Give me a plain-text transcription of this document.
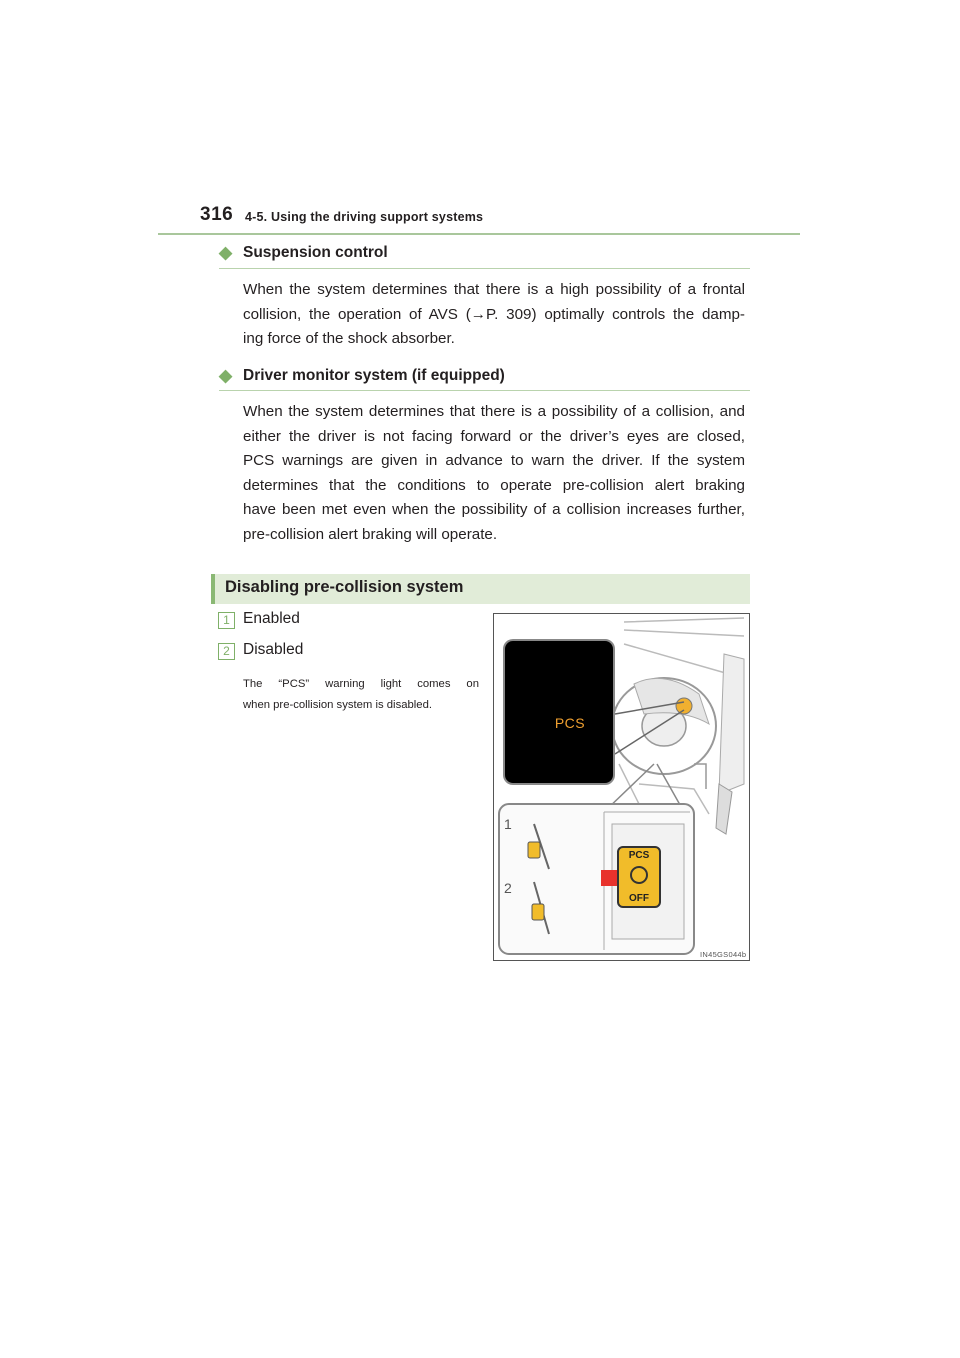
316 4-5. Using the driving support systems
◆ Suspension control
When the system determines that there is a high possibility of a frontal
collision, the operation of AVS (→P. 309) optimally controls the damp-
ing force of the shock absorber.
◆ Driver monitor system (if equipped)
When the system determines that there is a possibility of a collision, and
either the driver is not facing forward or the driver’s eyes are closed,
PCS warnings are given in advance to warn the driver. If the system
determines that the conditions to operate pre-collision alert braking
have been met even when the possibility of a collision increases further,
pre-collision alert braking will operate.
Disabling pre-collision system
1 Enabled
2 Disabled
The “PCS” warning light comes on
when pre-collision system is disabled.
PCS
PCS
OFF
1
2
IN45GS044b
